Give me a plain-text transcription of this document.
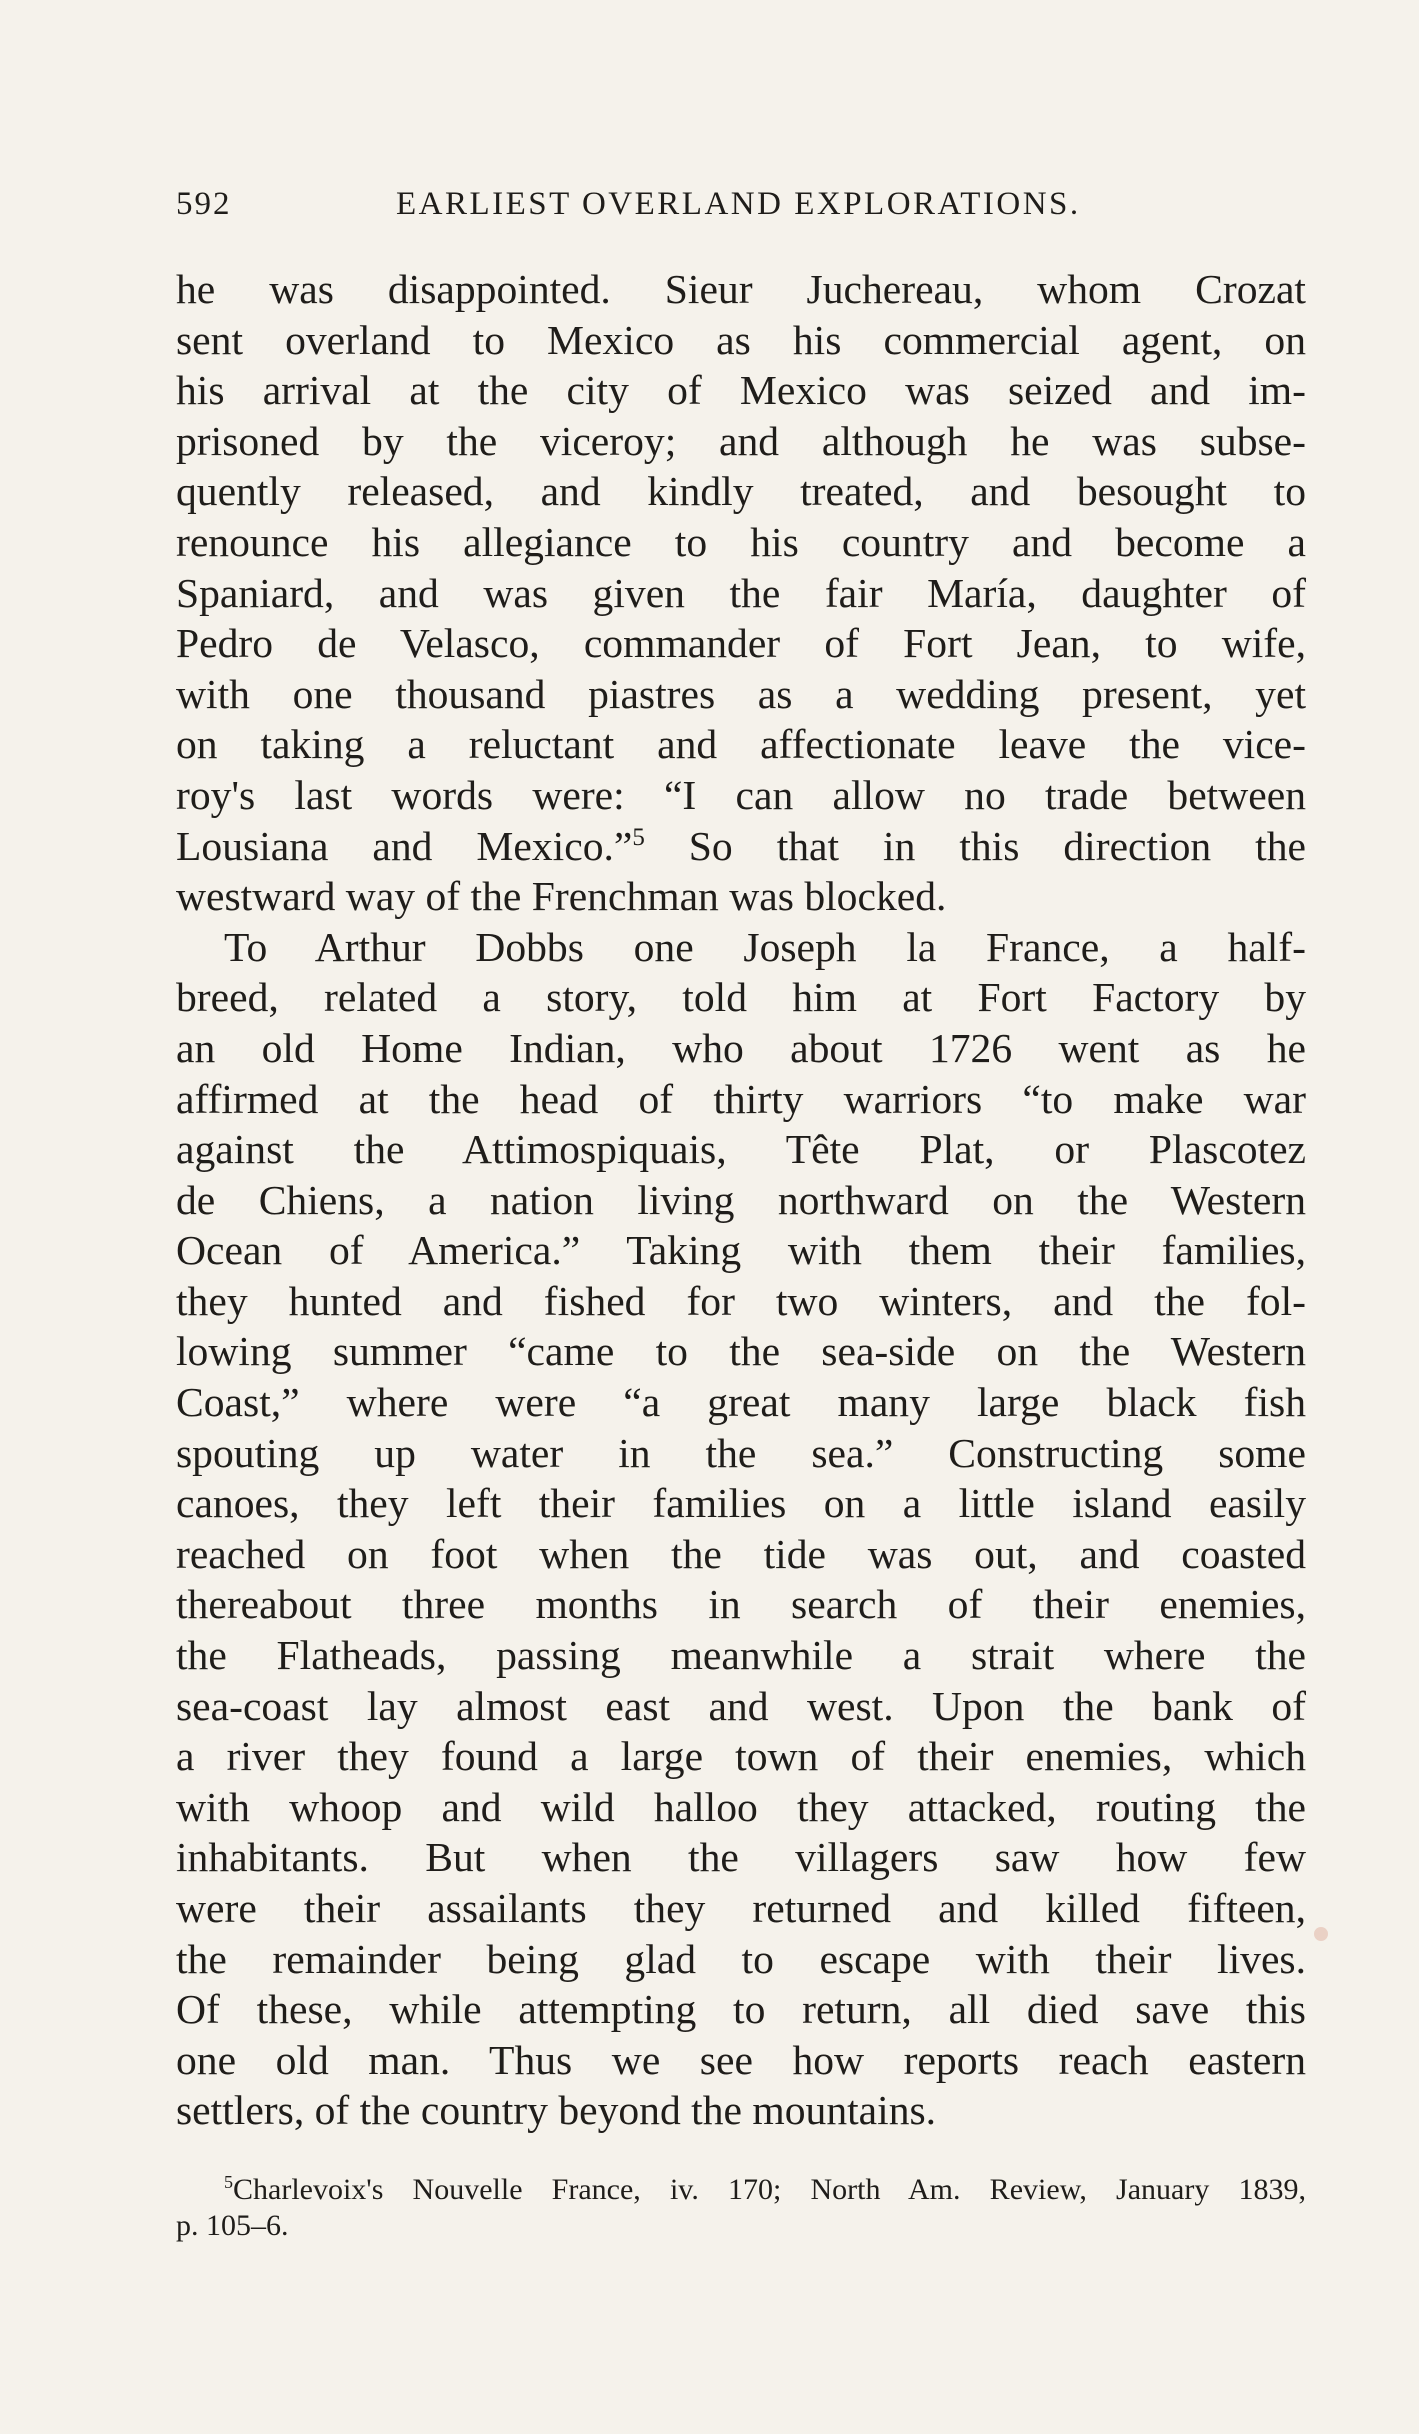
592	EARLIEST OVERLAND EXPLORATIONS.
he was disappointed. Sieur Juchereau, whom Crozat
sent overland to Mexico as his commercial agent, on
his arrival at the city of Mexico was seized and im-
prisoned by the viceroy; and although he was subse-
quently released, and kindly treated, and besought to
renounce his allegiance to his country and become a
Spaniard, and was given the fair María, daughter of
Pedro de Velasco, commander of Fort Jean, to wife,
with one thousand piastres as a wedding present, yet
on taking a reluctant and affectionate leave the vice-
roy's last words were: “I can allow no trade between
Lousiana and Mexico.”$^5$ So that in this direction the
westward way of the Frenchman was blocked.
To Arthur Dobbs one Joseph la France, a half-
breed, related a story, told him at Fort Factory by
an old Home Indian, who about 1726 went as he
affirmed at the head of thirty warriors “to make war
against the Attimospiquais, Tête Plat, or Plascotez
de Chiens, a nation living northward on the Western
Ocean of America.” Taking with them their families,
they hunted and fished for two winters, and the fol-
lowing summer “came to the sea-side on the Western
Coast,” where were “a great many large black fish
spouting up water in the sea.” Constructing some
canoes, they left their families on a little island easily
reached on foot when the tide was out, and coasted
thereabout three months in search of their enemies,
the Flatheads, passing meanwhile a strait where the
sea-coast lay almost east and west. Upon the bank of
a river they found a large town of their enemies, which
with whoop and wild halloo they attacked, routing the
inhabitants. But when the villagers saw how few
were their assailants they returned and killed fifteen,
the remainder being glad to escape with their lives.
Of these, while attempting to return, all died save this
one old man. Thus we see how reports reach eastern
settlers, of the country beyond the mountains.
$^5$Charlevoix's Nouvelle France, iv. 170; North Am. Review, January 1839,
p. 105–6.
